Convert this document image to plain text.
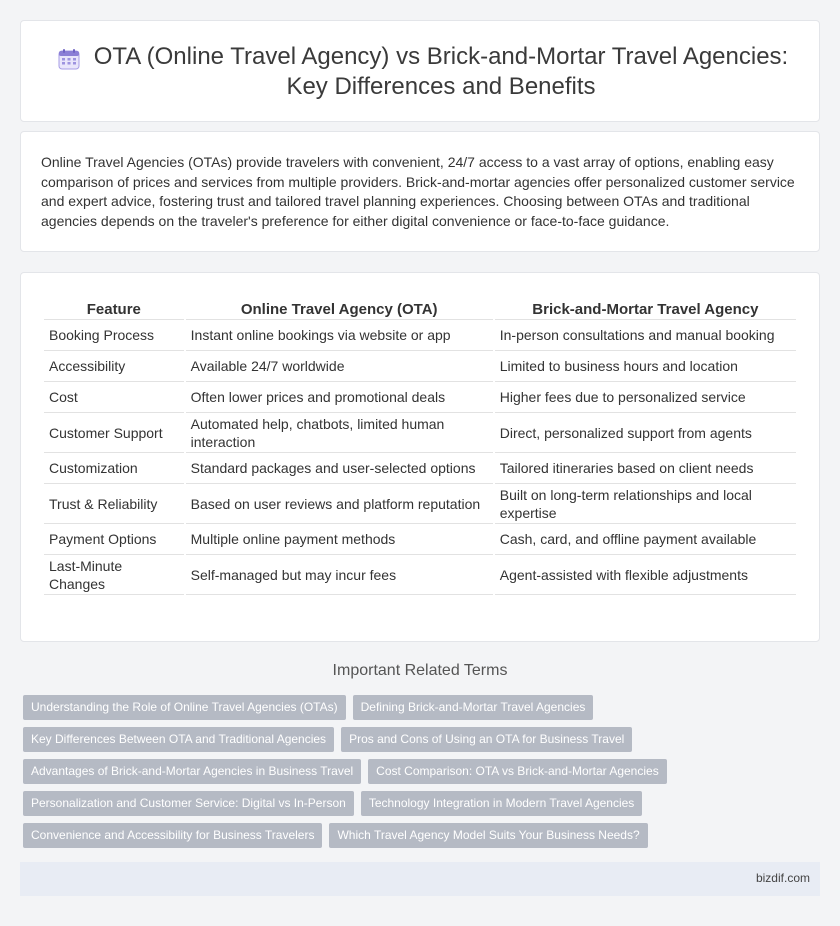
OTA (Online Travel Agency) vs Brick-and-Mortar Travel Agencies: Key Differences and Benefits

Online Travel Agencies (OTAs) provide travelers with convenient, 24/7 access to a vast array of options, enabling easy comparison of prices and services from multiple providers. Brick-and-mortar agencies offer personalized customer service and expert advice, fostering trust and tailored travel planning experiences. Choosing between OTAs and traditional agencies depends on the traveler's preference for either digital convenience or face-to-face guidance.

Feature	Online Travel Agency (OTA)	Brick-and-Mortar Travel Agency
Booking Process	Instant online bookings via website or app	In-person consultations and manual booking
Accessibility	Available 24/7 worldwide	Limited to business hours and location
Cost	Often lower prices and promotional deals	Higher fees due to personalized service
Customer Support	Automated help, chatbots, limited human interaction	Direct, personalized support from agents
Customization	Standard packages and user-selected options	Tailored itineraries based on client needs
Trust & Reliability	Based on user reviews and platform reputation	Built on long-term relationships and local expertise
Payment Options	Multiple online payment methods	Cash, card, and offline payment available
Last-Minute Changes	Self-managed but may incur fees	Agent-assisted with flexible adjustments
Important Related Terms
Understanding the Role of Online Travel Agencies (OTAs)	Defining Brick-and-Mortar Travel Agencies
Key Differences Between OTA and Traditional Agencies	Pros and Cons of Using an OTA for Business Travel
Advantages of Brick-and-Mortar Agencies in Business Travel	Cost Comparison: OTA vs Brick-and-Mortar Agencies
Personalization and Customer Service: Digital vs In-Person	Technology Integration in Modern Travel Agencies
Convenience and Accessibility for Business Travelers	Which Travel Agency Model Suits Your Business Needs?
bizdif.com
